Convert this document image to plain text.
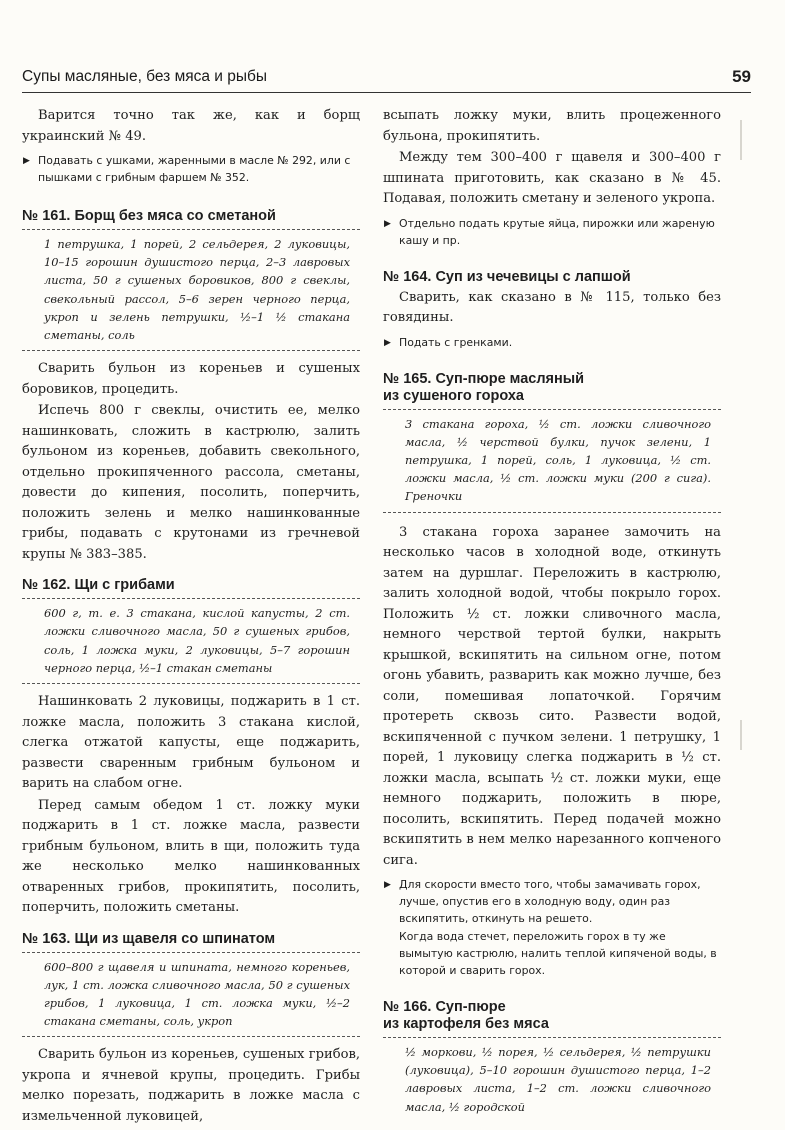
Супы масляные, без мяса и рыбы	59

Варится точно так же, как и борщ украинский № 49.

▶ Подавать с ушками, жаренными в масле № 292, или с пышками с грибным фаршем № 352.

№ 161. Борщ без мяса со сметаной
1 петрушка, 1 порей, 2 сельдерея, 2 луковицы, 10–15 горошин душистого перца, 2–3 лавровых листа, 50 г сушеных боровиков, 800 г свеклы, свекольный рассол, 5–6 зерен черного перца, укроп и зелень петрушки, ½–1 ½ стакана сметаны, соль

Сварить бульон из кореньев и сушеных боровиков, процедить.

Испечь 800 г свеклы, очистить ее, мелко нашинковать, сложить в кастрюлю, залить бульоном из кореньев, добавить свекольного, отдельно прокипяченного рассола, сметаны, довести до кипения, посолить, поперчить, положить зелень и мелко нашинкованные грибы, подавать с крутонами из гречневой крупы № 383–385.

№ 162. Щи с грибами
600 г, т. е. 3 стакана, кислой капусты, 2 ст. ложки сливочного масла, 50 г сушеных грибов, соль, 1 ложка муки, 2 луковицы, 5–7 горошин черного перца, ½–1 стакан сметаны

Нашинковать 2 луковицы, поджарить в 1 ст. ложке масла, положить 3 стакана кислой, слегка отжатой капусты, еще поджарить, развести сваренным грибным бульоном и варить на слабом огне.

Перед самым обедом 1 ст. ложку муки поджарить в 1 ст. ложке масла, развести грибным бульоном, влить в щи, положить туда же несколько мелко нашинкованных отваренных грибов, прокипятить, посолить, поперчить, положить сметаны.

№ 163. Щи из щавеля со шпинатом
600–800 г щавеля и шпината, немного кореньев, лук, 1 ст. ложка сливочного масла, 50 г сушеных грибов, 1 луковица, 1 ст. ложка муки, ½–2 стакана сметаны, соль, укроп

Сварить бульон из кореньев, сушеных грибов, укропа и ячневой крупы, процедить. Грибы мелко порезать, поджарить в ложке масла с измельченной луковицей,

всыпать ложку муки, влить процеженного бульона, прокипятить.

Между тем 300–400 г щавеля и 300–400 г шпината приготовить, как сказано в № 45. Подавая, положить сметану и зеленого укропа.

▶ Отдельно подать крутые яйца, пирожки или жареную кашу и пр.

№ 164. Суп из чечевицы с лапшой

Сварить, как сказано в № 115, только без говядины.

▶ Подать с гренками.

№ 165. Суп-пюре масляный
из сушеного гороха
3 стакана гороха, ½ ст. ложки сливочного масла, ½ черствой булки, пучок зелени, 1 петрушка, 1 порей, соль, 1 луковица, ½ ст. ложки масла, ½ ст. ложки муки (200 г сига). Греночки

3 стакана гороха заранее замочить на несколько часов в холодной воде, откинуть затем на дуршлаг. Переложить в кастрюлю, залить холодной водой, чтобы покрыло горох. Положить ½ ст. ложки сливочного масла, немного черствой тертой булки, накрыть крышкой, вскипятить на сильном огне, потом огонь убавить, разварить как можно лучше, без соли, помешивая лопаточкой. Горячим протереть сквозь сито. Развести водой, вскипяченной с пучком зелени. 1 петрушку, 1 порей, 1 луковицу слегка поджарить в ½ ст. ложки масла, всыпать ½ ст. ложки муки, еще немного поджарить, положить в пюре, посолить, вскипятить. Перед подачей можно вскипятить в нем мелко нарезанного копченого сига.

▶ Для скорости вместо того, чтобы замачивать горох, лучше, опустив его в холодную воду, один раз вскипятить, откинуть на решето.

Когда вода стечет, переложить горох в ту же вымытую кастрюлю, налить теплой кипяченой воды, в которой и сварить горох.

№ 166. Суп-пюре
из картофеля без мяса
½ моркови, ½ порея, ½ сельдерея, ½ петрушки (луковица), 5–10 горошин душистого перца, 1–2 лавровых листа, 1–2 ст. ложки сливочного масла, ½ городской
